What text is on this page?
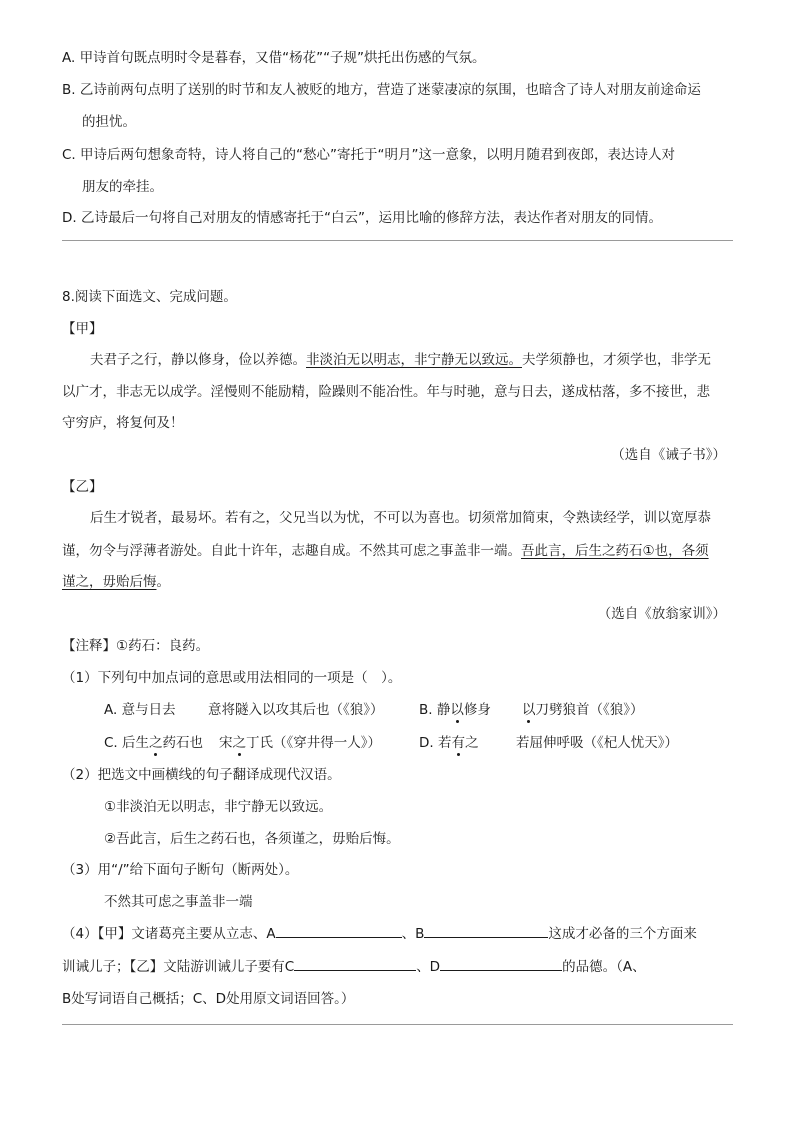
A. 甲诗首句既点明时令是暮春，又借“杨花”“子规”烘托出伤感的气氛。
B. 乙诗前两句点明了送别的时节和友人被贬的地方，营造了迷蒙凄凉的氛围，也暗含了诗人对朋友前途命运
的担忧。
C. 甲诗后两句想象奇特，诗人将自己的“愁心”寄托于“明月”这一意象，以明月随君到夜郎，表达诗人对
朋友的牵挂。
D. 乙诗最后一句将自己对朋友的情感寄托于“白云”，运用比喻的修辞方法，表达作者对朋友的同情。
8.阅读下面选文、完成问题。
【甲】
夫君子之行，静以修身，俭以养德。非淡泊无以明志，非宁静无以致远。夫学须静也，才须学也，非学无
以广才，非志无以成学。淫慢则不能励精，险躁则不能冶性。年与时驰，意与日去，遂成枯落，多不接世，悲
守穷庐，将复何及！
（选自《诫子书》）
【乙】
后生才锐者，最易坏。若有之，父兄当以为忧，不可以为喜也。切须常加简束，令熟读经学，训以宽厚恭
谨，勿令与浮薄者游处。自此十许年，志趣自成。不然其可虑之事盖非一端。吾此言，后生之药石①也，各须
谨之，毋贻后悔。
（选自《放翁家训》）
【注释】①药石：良药。
（1）下列句中加点词的意思或用法相同的一项是（　）。
A. 意与日去 意将隧入以攻其后也（《狼》）	B. 静以修身 以刀劈狼首（《狼》）
C. 后生之药石也 宋之丁氏（《穿井得一人》）	D. 若有之	若屈伸呼吸（《杞人忧天》）
（2）把选文中画横线的句子翻译成现代汉语。
①非淡泊无以明志，非宁静无以致远。
②吾此言，后生之药石也，各须谨之，毋贻后悔。
（3）用“/”给下面句子断句（断两处）。
不然其可虑之事盖非一端
（4）【甲】文诸葛亮主要从立志、A	、B	这成才必备的三个方面来
训诫儿子；【乙】文陆游训诫儿子要有C	、D	的品德。（A、
B处写词语自己概括；C、D处用原文词语回答。）
